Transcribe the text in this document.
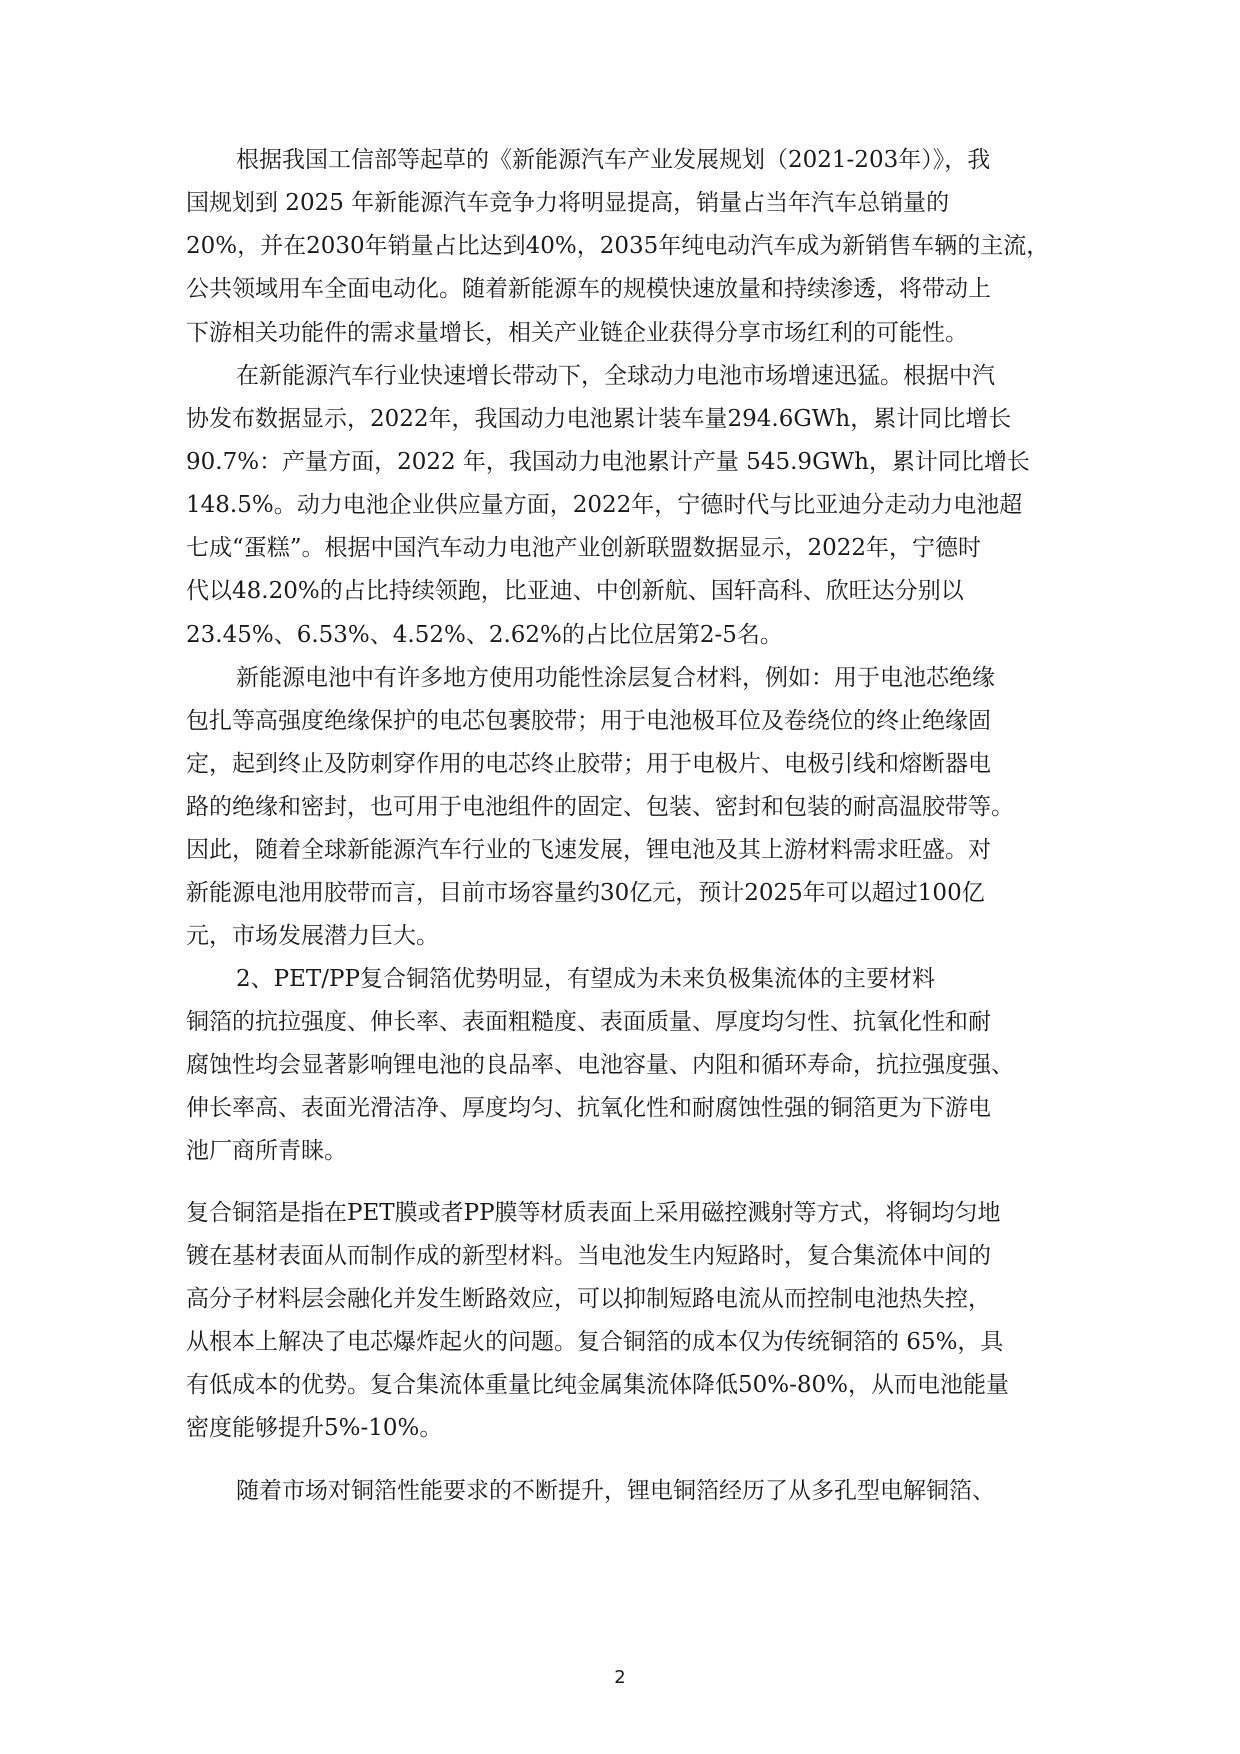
根据我国工信部等起草的《新能源汽车产业发展规划（2021-203年）》，我
国规划到 2025 年新能源汽车竞争力将明显提高，销量占当年汽车总销量的
20%，并在2030年销量占比达到40%，2035年纯电动汽车成为新销售车辆的主流，
公共领域用车全面电动化。随着新能源车的规模快速放量和持续渗透，将带动上
下游相关功能件的需求量增长，相关产业链企业获得分享市场红利的可能性。
在新能源汽车行业快速增长带动下，全球动力电池市场增速迅猛。根据中汽
协发布数据显示，2022年，我国动力电池累计装车量294.6GWh，累计同比增长
90.7%：产量方面，2022 年，我国动力电池累计产量 545.9GWh，累计同比增长
148.5%。动力电池企业供应量方面，2022年，宁德时代与比亚迪分走动力电池超
七成“蛋糕”。根据中国汽车动力电池产业创新联盟数据显示，2022年，宁德时
代以48.20%的占比持续领跑，比亚迪、中创新航、国轩高科、欣旺达分别以
23.45%、6.53%、4.52%、2.62%的占比位居第2-5名。
新能源电池中有许多地方使用功能性涂层复合材料，例如：用于电池芯绝缘
包扎等高强度绝缘保护的电芯包裹胶带；用于电池极耳位及卷绕位的终止绝缘固
定，起到终止及防刺穿作用的电芯终止胶带；用于电极片、电极引线和熔断器电
路的绝缘和密封，也可用于电池组件的固定、包装、密封和包装的耐高温胶带等。
因此，随着全球新能源汽车行业的飞速发展，锂电池及其上游材料需求旺盛。对
新能源电池用胶带而言，目前市场容量约30亿元，预计2025年可以超过100亿
元，市场发展潜力巨大。
2、PET/PP复合铜箔优势明显，有望成为未来负极集流体的主要材料
铜箔的抗拉强度、伸长率、表面粗糙度、表面质量、厚度均匀性、抗氧化性和耐
腐蚀性均会显著影响锂电池的良品率、电池容量、内阻和循环寿命，抗拉强度强、
伸长率高、表面光滑洁净、厚度均匀、抗氧化性和耐腐蚀性强的铜箔更为下游电
池厂商所青睐。
复合铜箔是指在PET膜或者PP膜等材质表面上采用磁控溅射等方式，将铜均匀地
镀在基材表面从而制作成的新型材料。当电池发生内短路时，复合集流体中间的
高分子材料层会融化并发生断路效应，可以抑制短路电流从而控制电池热失控，
从根本上解决了电芯爆炸起火的问题。复合铜箔的成本仅为传统铜箔的 65%，具
有低成本的优势。复合集流体重量比纯金属集流体降低50%-80%，从而电池能量
密度能够提升5%-10%。
随着市场对铜箔性能要求的不断提升，锂电铜箔经历了从多孔型电解铜箔、
2
